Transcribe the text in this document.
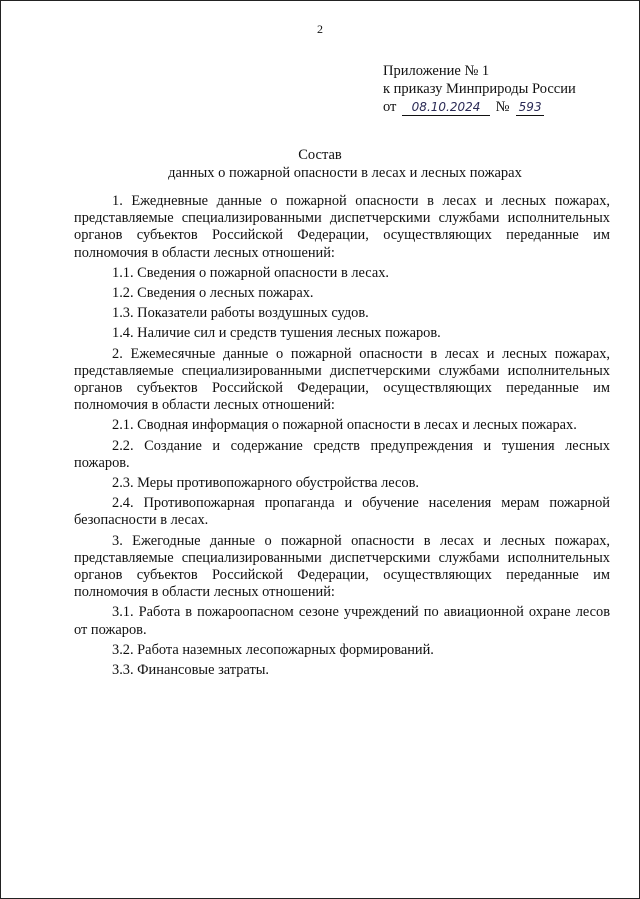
2
Приложение № 1
к приказу Минприроды России
от 08.10.2024 № 593
Состав
данных о пожарной опасности в лесах и лесных пожарах

1. Ежедневные данные о пожарной опасности в лесах и лесных пожарах, представляемые специализированными диспетчерскими службами исполнительных органов субъектов Российской Федерации, осуществляющих переданные им полномочия в области лесных отношений:

1.1. Сведения о пожарной опасности в лесах.

1.2. Сведения о лесных пожарах.

1.3. Показатели работы воздушных судов.

1.4. Наличие сил и средств тушения лесных пожаров.

2. Ежемесячные данные о пожарной опасности в лесах и лесных пожарах, представляемые специализированными диспетчерскими службами исполнительных органов субъектов Российской Федерации, осуществляющих переданные им полномочия в области лесных отношений:

2.1. Сводная информация о пожарной опасности в лесах и лесных пожарах.

2.2. Создание и содержание средств предупреждения и тушения лесных пожаров.

2.3. Меры противопожарного обустройства лесов.

2.4. Противопожарная пропаганда и обучение населения мерам пожарной безопасности в лесах.

3. Ежегодные данные о пожарной опасности в лесах и лесных пожарах, представляемые специализированными диспетчерскими службами исполнительных органов субъектов Российской Федерации, осуществляющих переданные им полномочия в области лесных отношений:

3.1. Работа в пожароопасном сезоне учреждений по авиационной охране лесов от пожаров.

3.2. Работа наземных лесопожарных формирований.

3.3. Финансовые затраты.
